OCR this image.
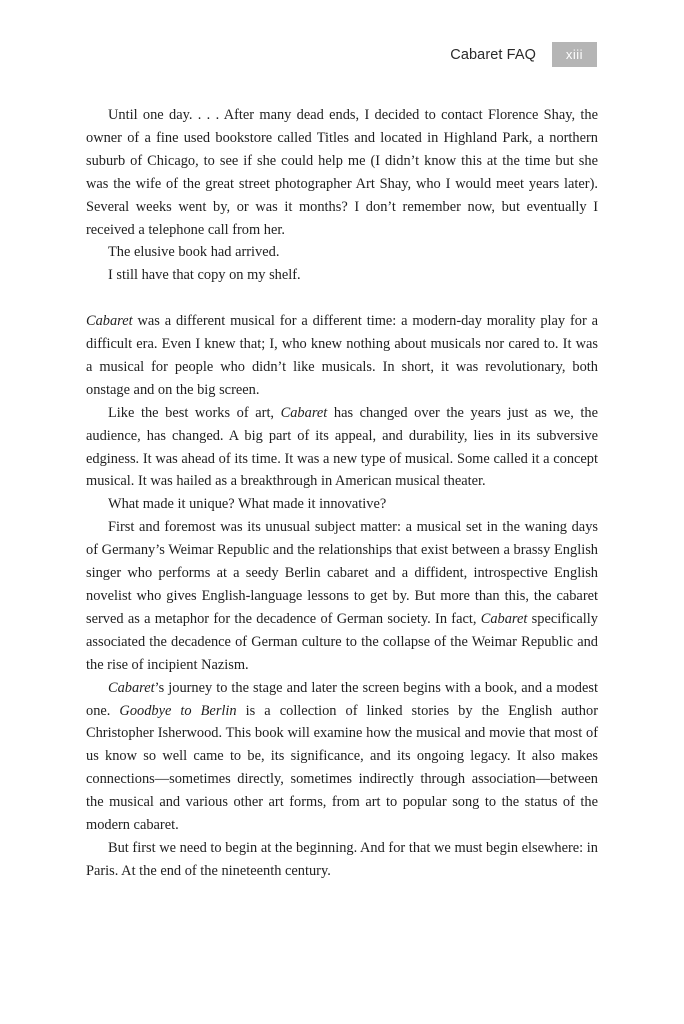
Cabaret FAQ	xiii

Until one day. . . . After many dead ends, I decided to contact Florence Shay, the owner of a fine used bookstore called Titles and located in Highland Park, a northern suburb of Chicago, to see if she could help me (I didn’t know this at the time but she was the wife of the great street photographer Art Shay, who I would meet years later). Several weeks went by, or was it months? I don’t remember now, but eventually I received a telephone call from her.

The elusive book had arrived.

I still have that copy on my shelf.

Cabaret was a different musical for a different time: a modern-day morality play for a difficult era. Even I knew that; I, who knew nothing about musicals nor cared to. It was a musical for people who didn’t like musicals. In short, it was revolutionary, both onstage and on the big screen.

Like the best works of art, Cabaret has changed over the years just as we, the audience, has changed. A big part of its appeal, and durability, lies in its subversive edginess. It was ahead of its time. It was a new type of musical. Some called it a concept musical. It was hailed as a breakthrough in American musical theater.

What made it unique? What made it innovative?

First and foremost was its unusual subject matter: a musical set in the waning days of Germany’s Weimar Republic and the relationships that exist between a brassy English singer who performs at a seedy Berlin cabaret and a diffident, introspective English novelist who gives English-language lessons to get by. But more than this, the cabaret served as a metaphor for the decadence of German society. In fact, Cabaret specifically associated the decadence of German culture to the collapse of the Weimar Republic and the rise of incipient Nazism.

Cabaret’s journey to the stage and later the screen begins with a book, and a modest one. Goodbye to Berlin is a collection of linked stories by the English author Christopher Isherwood. This book will examine how the musical and movie that most of us know so well came to be, its significance, and its ongoing legacy. It also makes connections—sometimes directly, sometimes indirectly through association—between the musical and various other art forms, from art to popular song to the status of the modern cabaret.

But first we need to begin at the beginning. And for that we must begin elsewhere: in Paris. At the end of the nineteenth century.
